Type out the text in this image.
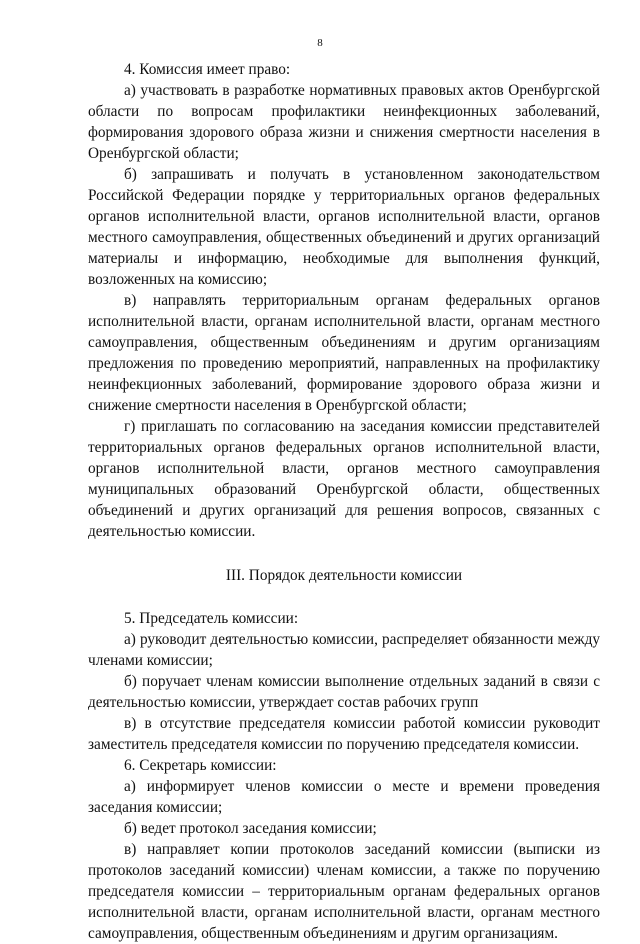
8

4. Комиссия имеет право:

а) участвовать в разработке нормативных правовых актов Оренбургской области по вопросам профилактики неинфекционных заболеваний, формирования здорового образа жизни и снижения смертности населения в Оренбургской области;

б) запрашивать и получать в установленном законодательством Российской Федерации порядке у территориальных органов федеральных органов исполнительной власти, органов исполнительной власти, органов местного самоуправления, общественных объединений и других организаций материалы и информацию, необходимые для выполнения функций, возложенных на комиссию;

в) направлять территориальным органам федеральных органов исполнительной власти, органам исполнительной власти, органам местного самоуправления, общественным объединениям и другим организациям предложения по проведению мероприятий, направленных на профилактику неинфекционных заболеваний, формирование здорового образа жизни и снижение смертности населения в Оренбургской области;

г) приглашать по согласованию на заседания комиссии представителей территориальных органов федеральных органов исполнительной власти, органов исполнительной власти, органов местного самоуправления муниципальных образований Оренбургской области, общественных объединений и других организаций для решения вопросов, связанных с деятельностью комиссии.

III. Порядок деятельности комиссии

5. Председатель комиссии:

а) руководит деятельностью комиссии, распределяет обязанности между членами комиссии;

б) поручает членам комиссии выполнение отдельных заданий в связи с деятельностью комиссии, утверждает состав рабочих групп

в) в отсутствие председателя комиссии работой комиссии руководит заместитель председателя комиссии по поручению председателя комиссии.

6. Секретарь комиссии:

а) информирует членов комиссии о месте и времени проведения заседания комиссии;

б) ведет протокол заседания комиссии;

в) направляет копии протоколов заседаний комиссии (выписки из протоколов заседаний комиссии) членам комиссии, а также по поручению председателя комиссии – территориальным органам федеральных органов исполнительной власти, органам исполнительной власти, органам местного самоуправления, общественным объединениям и другим организациям.
